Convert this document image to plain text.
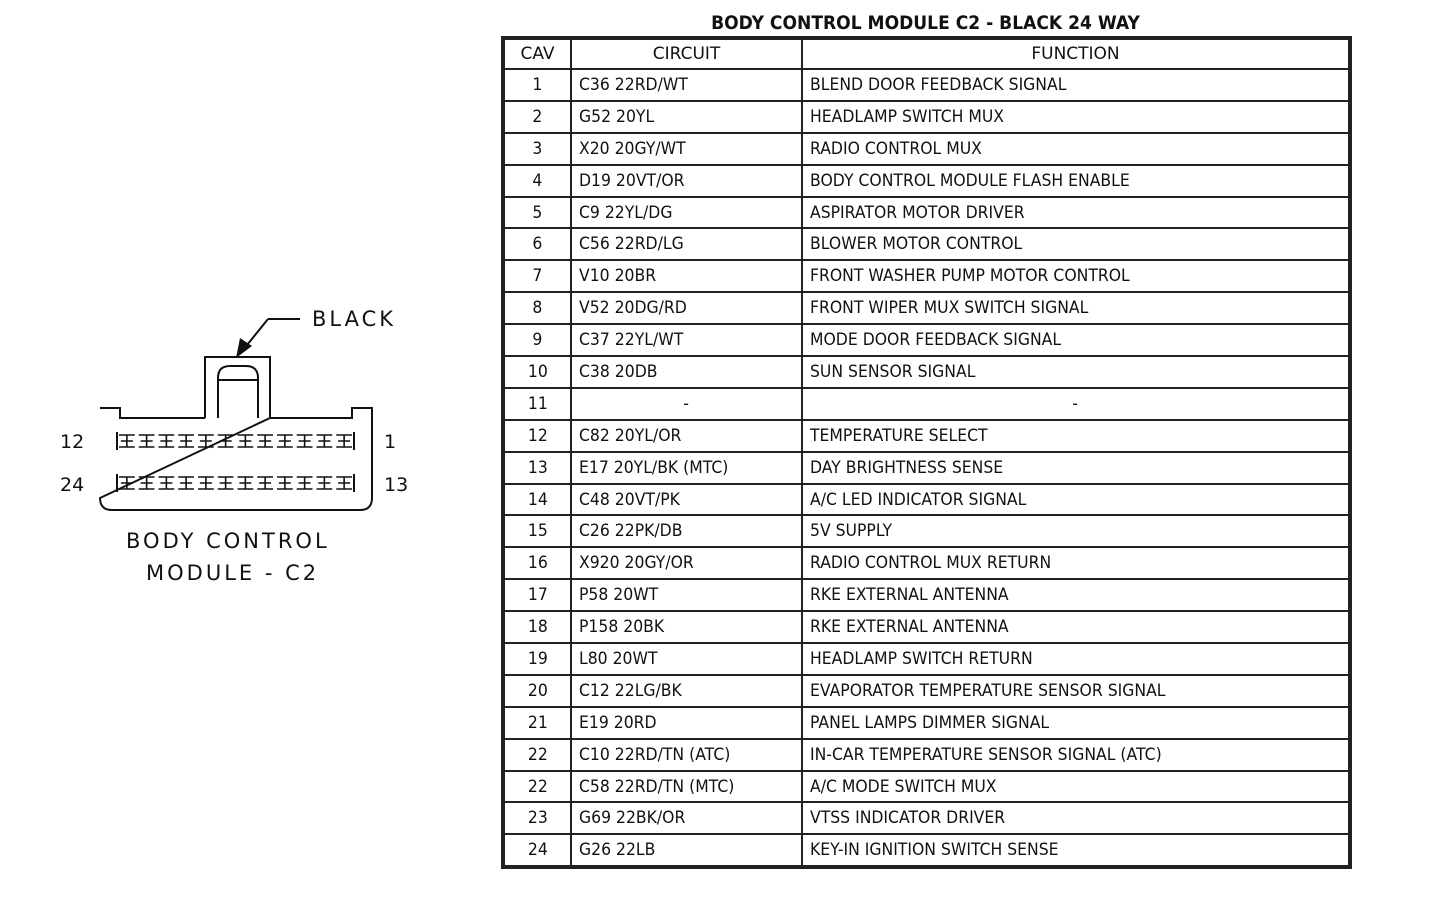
BLACK
12	1
24	13
BODY CONTROL
MODULE - C2
BODY CONTROL MODULE C2 - BLACK 24 WAY
CAV	CIRCUIT	FUNCTION
1	C36 22RD/WT	BLEND DOOR FEEDBACK SIGNAL
2	G52 20YL	HEADLAMP SWITCH MUX
3	X20 20GY/WT	RADIO CONTROL MUX
4	D19 20VT/OR	BODY CONTROL MODULE FLASH ENABLE
5	C9 22YL/DG	ASPIRATOR MOTOR DRIVER
6	C56 22RD/LG	BLOWER MOTOR CONTROL
7	V10 20BR	FRONT WASHER PUMP MOTOR CONTROL
8	V52 20DG/RD	FRONT WIPER MUX SWITCH SIGNAL
9	C37 22YL/WT	MODE DOOR FEEDBACK SIGNAL
10	C38 20DB	SUN SENSOR SIGNAL
11	-	-
12	C82 20YL/OR	TEMPERATURE SELECT
13	E17 20YL/BK (MTC)	DAY BRIGHTNESS SENSE
14	C48 20VT/PK	A/C LED INDICATOR SIGNAL
15	C26 22PK/DB	5V SUPPLY
16	X920 20GY/OR	RADIO CONTROL MUX RETURN
17	P58 20WT	RKE EXTERNAL ANTENNA
18	P158 20BK	RKE EXTERNAL ANTENNA
19	L80 20WT	HEADLAMP SWITCH RETURN
20	C12 22LG/BK	EVAPORATOR TEMPERATURE SENSOR SIGNAL
21	E19 20RD	PANEL LAMPS DIMMER SIGNAL
22	C10 22RD/TN (ATC)	IN-CAR TEMPERATURE SENSOR SIGNAL (ATC)
22	C58 22RD/TN (MTC)	A/C MODE SWITCH MUX
23	G69 22BK/OR	VTSS INDICATOR DRIVER
24	G26 22LB	KEY-IN IGNITION SWITCH SENSE
